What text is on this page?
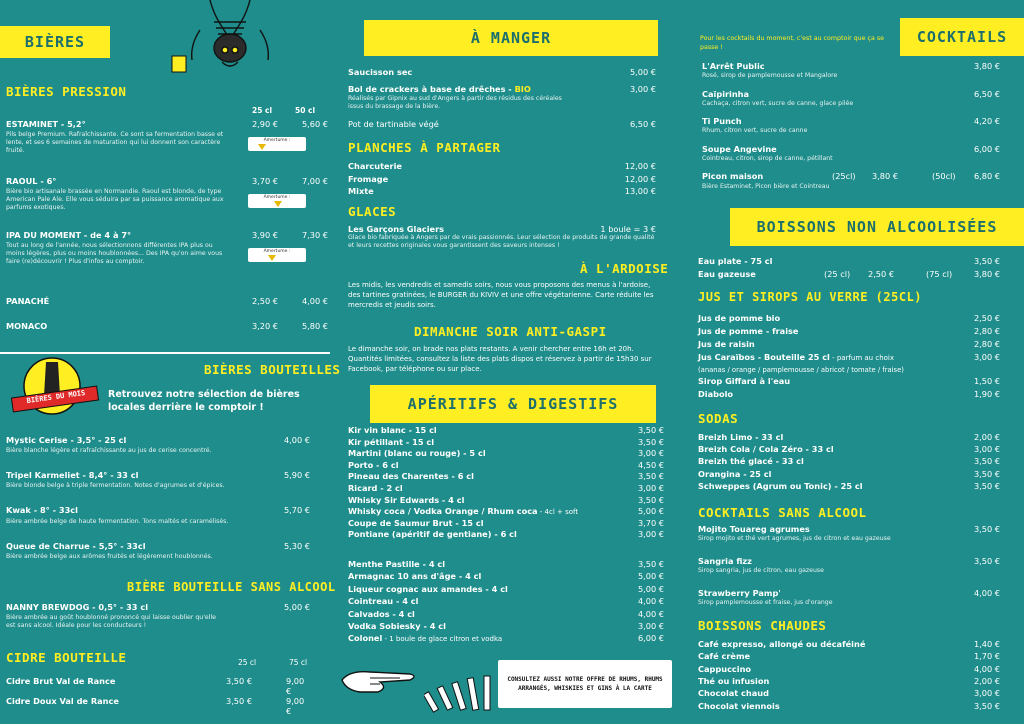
BIÈRES
BIÈRES PRESSION
25 cl	50 cl
ESTAMINET - 5,2°	2,90 €	5,60 €
Pils belge Premium. Rafraîchissante. Ce sont sa fermentation basse et lente, et ses 6 semaines de maturation qui lui donnent son caractère fruité.
Amertume :
RAOUL - 6°	3,70 €	7,00 €
Bière bio artisanale brassée en Normandie. Raoul est blonde, de type American Pale Ale. Elle vous séduira par sa puissance aromatique aux parfums exotiques.
Amertume :
IPA DU MOMENT - de 4 à 7°	3,90 €	7,30 €
Tout au long de l'année, nous sélectionnons différentes IPA plus ou moins légères, plus ou moins houblonnées... Des IPA qu'on aime vous faire (re)découvrir ! Plus d'infos au comptoir.
Amertume :
PANACHÉ	2,50 €	4,00 €
MONACO	3,20 €	5,80 €
BIÈRES DU MOIS
BIÈRES BOUTEILLES
Retrouvez notre sélection de bières locales derrière le comptoir !
Mystic Cerise - 3,5° - 25 cl	4,00 €
Bière blanche légère et rafraîchissante au jus de cerise concentré.
Tripel Karmeliet - 8,4° - 33 cl	5,90 €
Bière blonde belge à triple fermentation. Notes d'agrumes et d'épices.
Kwak - 8° - 33cl	5,70 €
Bière ambrée belge de haute fermentation. Tons maltés et caramélisés.
Queue de Charrue - 5,5° - 33cl	5,30 €
Bière ambrée belge aux arômes fruités et légèrement houblonnés.
BIÈRE BOUTEILLE SANS ALCOOL
NANNY BREWDOG - 0,5° - 33 cl	5,00 €
Bière ambrée au goût houblonné prononcé qui laisse oublier qu'elle est sans alcool. Idéale pour les conducteurs !
CIDRE BOUTEILLE	25 cl	75 cl
Cidre Brut Val de Rance	3,50 €	9,00 €
Cidre Doux Val de Rance	3,50 €	9,00 €
À MANGER
Saucisson sec	5,00 €
Bol de crackers à base de drêches - BIO	3,00 €
Réalisés par Gipnix au sud d'Angers à partir des résidus des céréales issus du brassage de la bière.
Pot de tartinable végé	6,50 €
PLANCHES À PARTAGER
Charcuterie	12,00 €
Fromage	12,00 €
Mixte	13,00 €
GLACES
Les Garçons Glaciers	1 boule = 3 €
Glace bio fabriquée à Angers par de vrais passionnés. Leur sélection de produits de grande qualité et leurs recettes originales vous garantissent des saveurs intenses !
À L'ARDOISE
Les midis, les vendredis et samedis soirs, nous vous proposons des menus à l'ardoise, des tartines gratinées, le BURGER du KIVIV et une offre végétarienne. Carte réduite les mercredis et jeudis soirs.
DIMANCHE SOIR ANTI-GASPI
Le dimanche soir, on brade nos plats restants. A venir chercher entre 16h et 20h. Quantités limitées, consultez la liste des plats dispos et réservez à partir de 15h30 sur Facebook, par téléphone ou sur place.
APÉRITIFS & DIGESTIFS
Kir vin blanc - 15 cl	3,50 €
Kir pétillant - 15 cl	3,50 €
Martini (blanc ou rouge) - 5 cl	3,00 €
Porto - 6 cl	4,50 €
Pineau des Charentes - 6 cl	3,50 €
Ricard - 2 cl	3,00 €
Whisky Sir Edwards - 4 cl	3,50 €
Whisky coca / Vodka Orange / Rhum coca - 4cl + soft	5,00 €
Coupe de Saumur Brut - 15 cl	3,70 €
Pontiane (apéritif de gentiane) - 6 cl	3,00 €
Menthe Pastille - 4 cl	3,50 €
Armagnac 10 ans d'âge - 4 cl	5,00 €
Liqueur cognac aux amandes - 4 cl	5,00 €
Cointreau - 4 cl	4,00 €
Calvados - 4 cl	4,00 €
Vodka Sobiesky - 4 cl	3,00 €
Colonel - 1 boule de glace citron et vodka	6,00 €
CONSULTEZ AUSSI NOTRE OFFRE DE RHUMS, RHUMS ARRANGÉS, WHISKIES ET GINS À LA CARTE
COCKTAILS
Pour les cocktails du moment, c'est au comptoir que ça se passe !
L'Arrêt Public	3,80 €
Rosé, sirop de pamplemousse et Mangalore
Caïpirinha	6,50 €
Cachaça, citron vert, sucre de canne, glace pilée
Ti Punch	4,20 €
Rhum, citron vert, sucre de canne
Soupe Angevine	6,00 €
Cointreau, citron, sirop de canne, pétillant
Picon maison	(25cl)	3,80 €	(50cl)	6,80 €
Bière Estaminet, Picon bière et Cointreau
BOISSONS NON ALCOOLISÉES
Eau plate - 75 cl	3,50 €
Eau gazeuse	(25 cl)	2,50 €	(75 cl)	3,80 €
JUS ET SIROPS AU VERRE (25CL)
Jus de pomme bio	2,50 €
Jus de pomme - fraise	2,80 €
Jus de raisin	2,80 €
Jus Caraïbos - Bouteille 25 cl - parfum au choix	3,00 €
(ananas / orange / pamplemousse / abricot / tomate / fraise)
Sirop Giffard à l'eau	1,50 €
Diabolo	1,90 €
SODAS
Breizh Limo - 33 cl	2,00 €
Breizh Cola / Cola Zéro - 33 cl	3,00 €
Breizh thé glacé - 33 cl	3,50 €
Orangina - 25 cl	3,50 €
Schweppes (Agrum ou Tonic) - 25 cl	3,50 €
COCKTAILS SANS ALCOOL
Mojito Touareg agrumes	3,50 €
Sirop mojito et thé vert agrumes, jus de citron et eau gazeuse
Sangria fizz	3,50 €
Sirop sangria, jus de citron, eau gazeuse
Strawberry Pamp'	4,00 €
Sirop pamplemousse et fraise, jus d'orange
BOISSONS CHAUDES
Café expresso, allongé ou décaféiné	1,40 €
Café crème	1,70 €
Cappuccino	4,00 €
Thé ou infusion	2,00 €
Chocolat chaud	3,00 €
Chocolat viennois	3,50 €
